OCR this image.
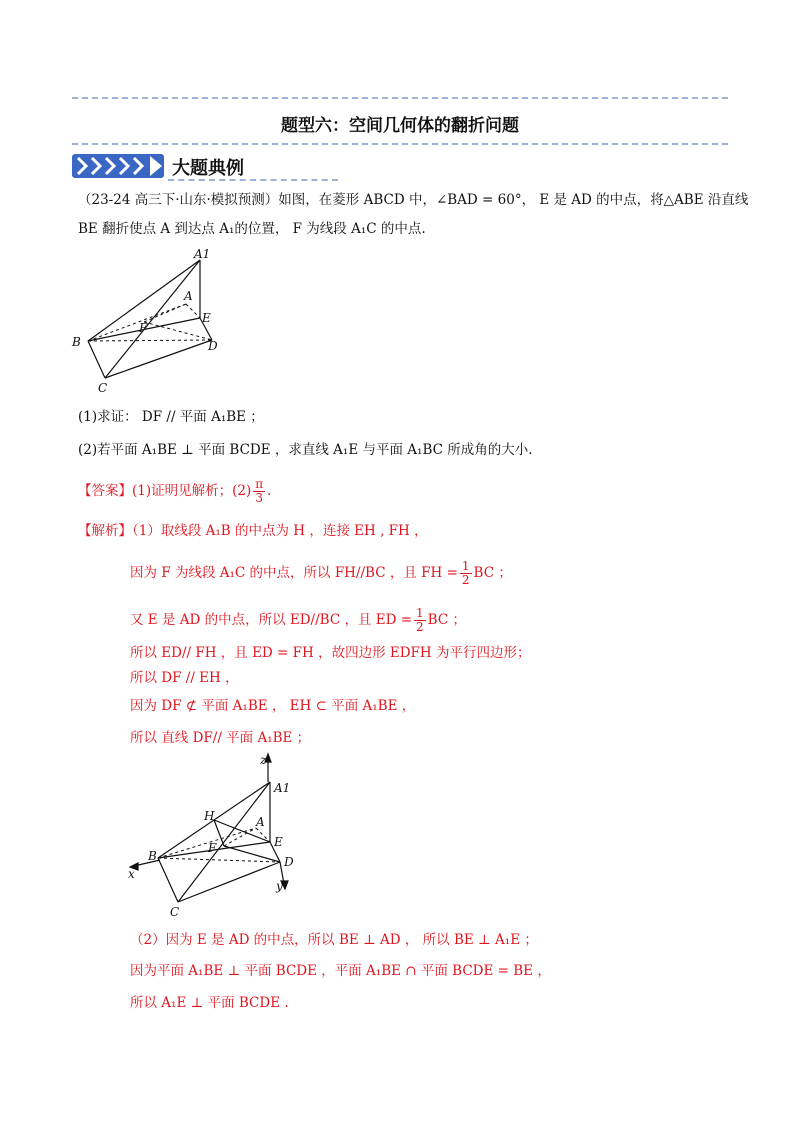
题型六：空间几何体的翻折问题
大题典例
（23-24 高三下·山东·模拟预测）如图，在菱形 ABCD 中，∠BAD = 60°， E 是 AD 的中点，将△ABE 沿直线
BE 翻折使点 A 到达点 A₁的位置， F 为线段 A₁C 的中点.
A1
A
E
F
B	D
C
(1)求证： DF // 平面 A₁BE ；
(2)若平面 A₁BE ⊥ 平面 BCDE ，求直线 A₁E 与平面 A₁BC 所成角的大小.
【答案】(1)证明见解析；$(2) \frac{\pi}{3}$ .
【解析】（1）取线段 A₁B 的中点为 H ，连接 EH , FH ，
因为 F 为线段 A₁C 的中点，所以 FH//BC ，且 FH = $\frac{1}{2}$ BC ；
又 E 是 AD 的中点，所以 ED//BC ，且 ED = $\frac{1}{2}$ BC ；
所以 ED// FH ，且 ED = FH ，故四边形 EDFH 为平行四边形；
所以 DF // EH ，
因为 DF ⊄ 平面 A₁BE ， EH ⊂ 平面 A₁BE ，
所以 直线 DF// 平面 A₁BE ；
z
A1
H	A
E
F
B	D
x
y
C
（2）因为 E 是 AD 的中点，所以 BE ⊥ AD ， 所以 BE ⊥ A₁E ；
因为平面 A₁BE ⊥ 平面 BCDE ，平面 A₁BE ∩ 平面 BCDE = BE ，
所以 A₁E ⊥ 平面 BCDE .
